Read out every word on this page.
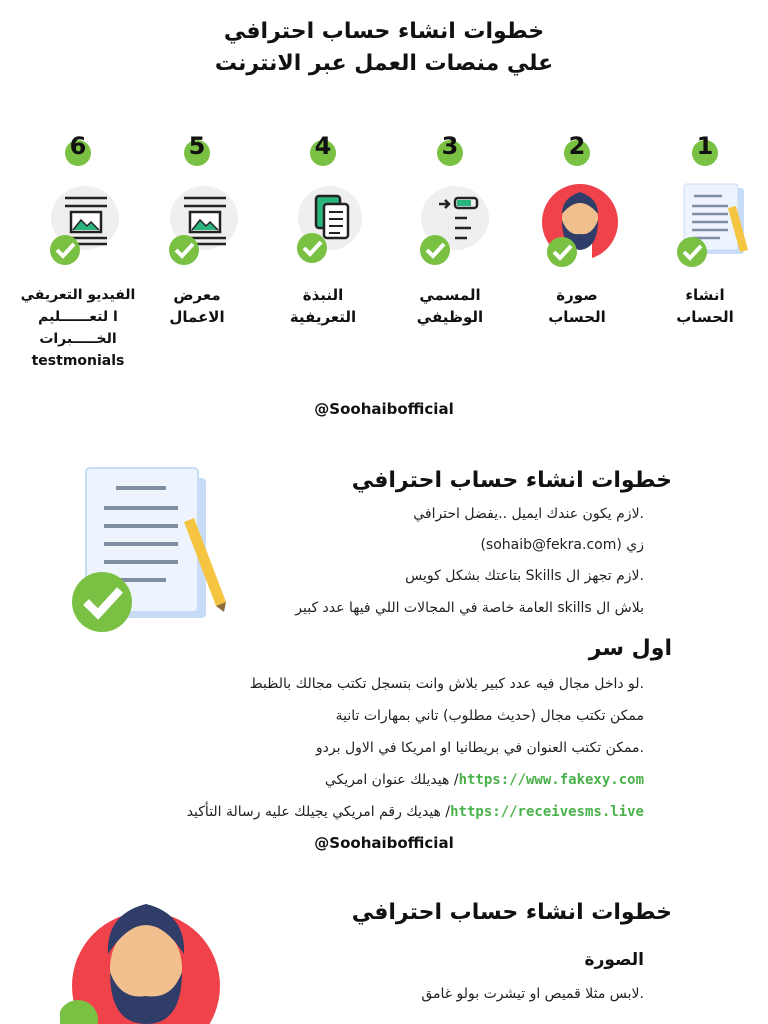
خطوات انشاء حساب احترافي
علي منصات العمل عبر الانترنت
1
انشاء
الحساب
2
صورة
الحساب
3
المسمي
الوظيفي
4
النبذة
التعريفية
5
معرض
الاعمال
6
الفيديو التعريفي
ا لتعــــــليم
الخـــــبرات
testmonials
@Soohaibofficial
خطوات انشاء حساب احترافي
.لازم يكون عندك ايميل ..يفضل احترافي
زي (sohaib@fekra.com)
.لازم تجهز ال Skills بتاعتك بشكل كويس
بلاش ال skills العامة خاصة في المجالات اللي فيها عدد كبير
اول سر
.لو داخل مجال فيه عدد كبير بلاش وانت بتسجل تكتب مجالك بالظبط
ممكن تكتب مجال (حديث مطلوب) تاني بمهارات تانية
.ممكن تكتب العنوان في بريطانيا او امريكا في الاول بردو
https://www.fakexy.com/ هيديلك عنوان امريكي
https://receivesms.live/ هيديك رقم امريكي يجيلك عليه رسالة التأكيد
@Soohaibofficial
خطوات انشاء حساب احترافي
الصورة
.لابس مثلا قميص او تيشرت بولو غامق
